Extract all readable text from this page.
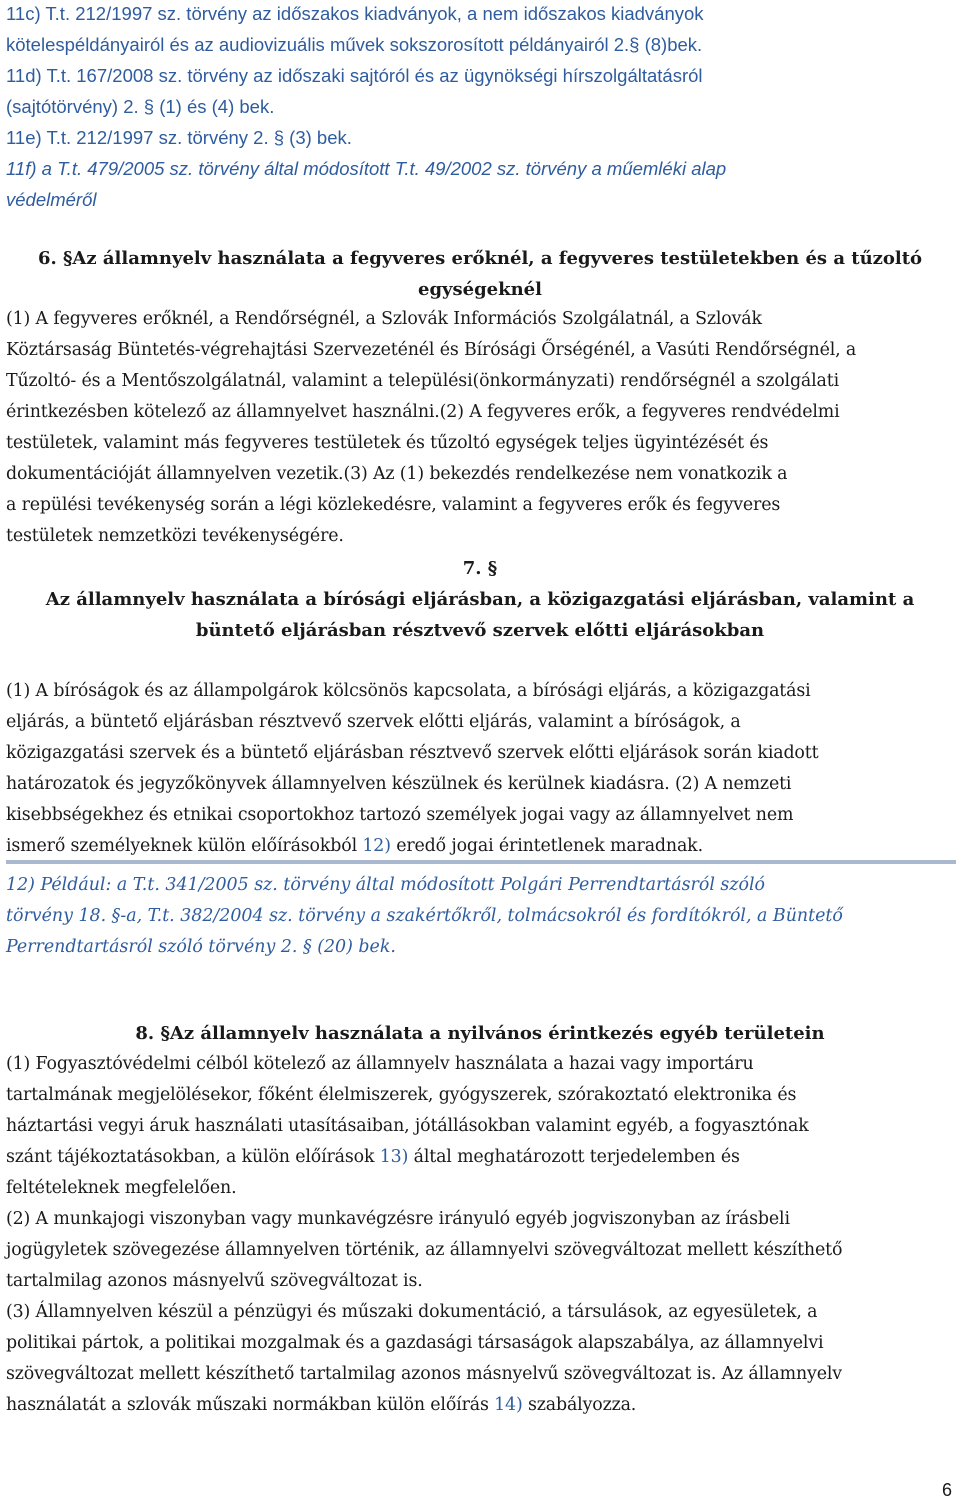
11c) T.t. 212/1997 sz. törvény az időszakos kiadványok, a nem időszakos kiadványok
kötelespéldányairól és az audiovizuális művek sokszorosított példányairól 2.§ (8)bek.
11d) T.t. 167/2008 sz. törvény az időszaki sajtóról és az ügynökségi hírszolgáltatásról
(sajtótörvény) 2. § (1) és (4) bek.
11e) T.t. 212/1997 sz. törvény 2. § (3) bek.
11f) a T.t. 479/2005 sz. törvény által módosított T.t. 49/2002 sz. törvény a műemléki alap
védelméről
6. §Az államnyelv használata a fegyveres erőknél, a fegyveres testületekben és a tűzoltó
egységeknél
(1) A fegyveres erőknél, a Rendőrségnél, a Szlovák Információs Szolgálatnál, a Szlovák
Köztársaság Büntetés-végrehajtási Szervezeténél és Bírósági Őrségénél, a Vasúti Rendőrségnél, a
Tűzoltó- és a Mentőszolgálatnál, valamint a települési(önkormányzati) rendőrségnél a szolgálati
érintkezésben kötelező az államnyelvet használni.(2) A fegyveres erők, a fegyveres rendvédelmi
testületek, valamint más fegyveres testületek és tűzoltó egységek teljes ügyintézését és
dokumentációját államnyelven vezetik.(3) Az (1) bekezdés rendelkezése nem vonatkozik a
a repülési tevékenység során a légi közlekedésre, valamint a fegyveres erők és fegyveres
testületek nemzetközi tevékenységére.
7. §
Az államnyelv használata a bírósági eljárásban, a közigazgatási eljárásban, valamint a
büntető eljárásban résztvevő szervek előtti eljárásokban
(1) A bíróságok és az állampolgárok kölcsönös kapcsolata, a bírósági eljárás, a közigazgatási
eljárás, a büntető eljárásban résztvevő szervek előtti eljárás, valamint a bíróságok, a
közigazgatási szervek és a büntető eljárásban résztvevő szervek előtti eljárások során kiadott
határozatok és jegyzőkönyvek államnyelven készülnek és kerülnek kiadásra. (2) A nemzeti
kisebbségekhez és etnikai csoportokhoz tartozó személyek jogai vagy az államnyelvet nem
ismerő személyeknek külön előírásokból 12) eredő jogai érintetlenek maradnak.
12) Például: a T.t. 341/2005 sz. törvény által módosított Polgári Perrendtartásról szóló
törvény 18. §-a, T.t. 382/2004 sz. törvény a szakértőkről, tolmácsokról és fordítókról, a Büntető
Perrendtartásról szóló törvény 2. § (20) bek.
8. §Az államnyelv használata a nyilvános érintkezés egyéb területein
(1) Fogyasztóvédelmi célból kötelező az államnyelv használata a hazai vagy importáru
tartalmának megjelölésekor, főként élelmiszerek, gyógyszerek, szórakoztató elektronika és
háztartási vegyi áruk használati utasításaiban, jótállásokban valamint egyéb, a fogyasztónak
szánt tájékoztatásokban, a külön előírások 13) által meghatározott terjedelemben és
feltételeknek megfelelően.
(2) A munkajogi viszonyban vagy munkavégzésre irányuló egyéb jogviszonyban az írásbeli
jogügyletek szövegezése államnyelven történik, az államnyelvi szövegváltozat mellett készíthető
tartalmilag azonos másnyelvű szövegváltozat is.
(3) Államnyelven készül a pénzügyi és műszaki dokumentáció, a társulások, az egyesületek, a
politikai pártok, a politikai mozgalmak és a gazdasági társaságok alapszabálya, az államnyelvi
szövegváltozat mellett készíthető tartalmilag azonos másnyelvű szövegváltozat is. Az államnyelv
használatát a szlovák műszaki normákban külön előírás 14) szabályozza.
6
